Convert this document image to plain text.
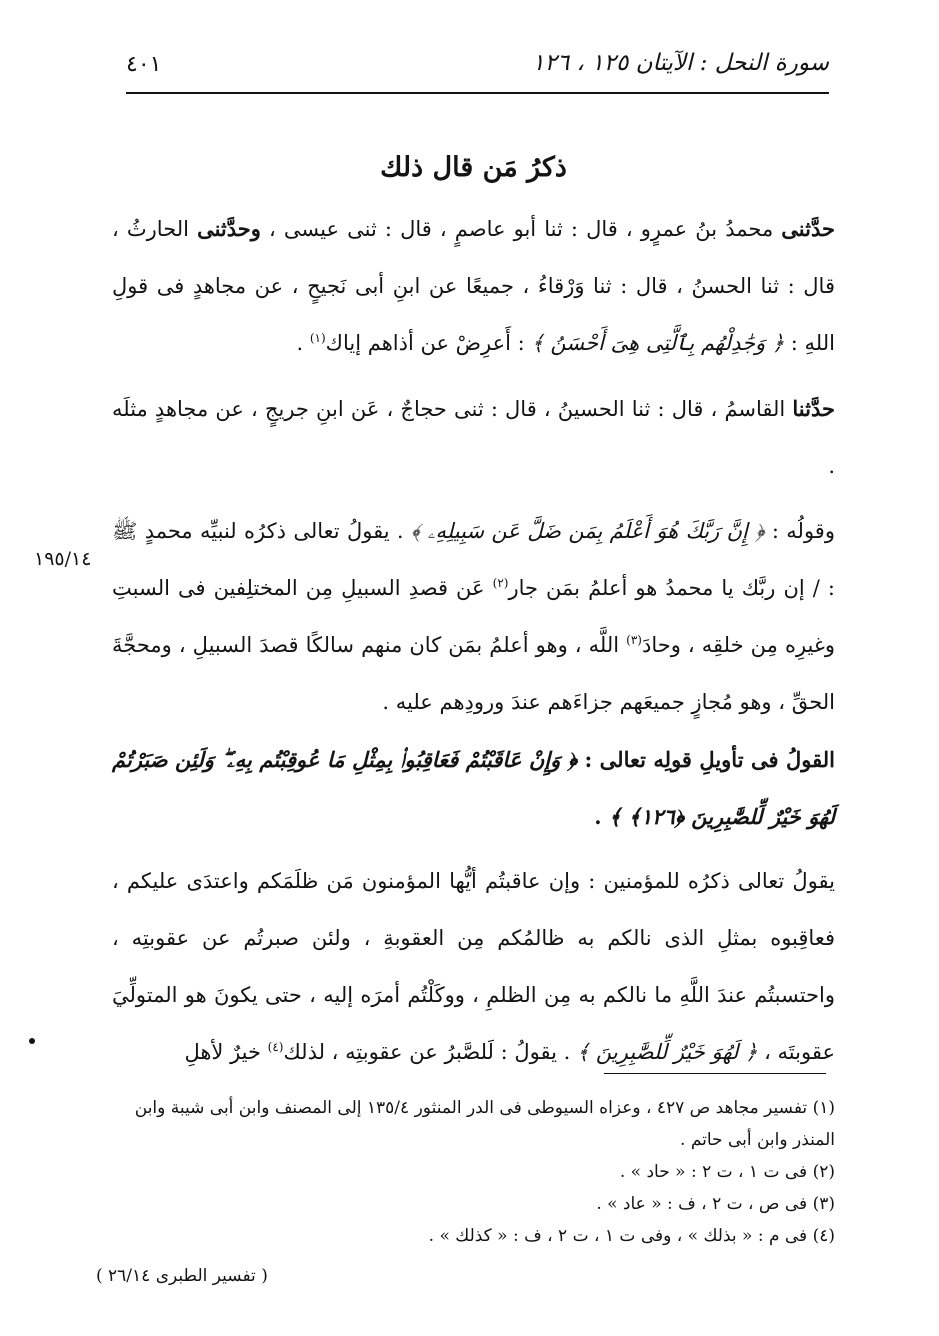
٤٠١	سورة النحل : الآيتان ١٢٥ ، ١٢٦
ذكرُ مَن قال ذلك

حدَّثنى محمدُ بنُ عمرٍو ، قال : ثنا أبو عاصمٍ ، قال : ثنى عيسى ، وحدَّثنى الحارثُ ، قال : ثنا الحسنُ ، قال : ثنا وَرْقاءُ ، جميعًا عن ابنِ أبى نَجيحٍ ، عن مجاهدٍ فى قولِ اللهِ : ﴿ وَجَٰدِلْهُم بِٱلَّتِى هِىَ أَحْسَنُ ﴾ : أَعرِضْ عن أذاهم إياك$^{(١)}$ .

حدَّثنا القاسمُ ، قال : ثنا الحسينُ ، قال : ثنى حجاجٌ ، عَن ابنِ جريجٍ ، عن مجاهدٍ مثلَه .

وقولُه : ﴿ إِنَّ رَبَّكَ هُوَ أَعْلَمُ بِمَن ضَلَّ عَن سَبِيلِهِۦ ﴾ . يقولُ تعالى ذكرُه لنبيِّه محمدٍ ﷺ : / إن ربَّك يا محمدُ هو أعلمُ بمَن جار$^{(٢)}$ عَن قصدِ السبيلِ مِن المختلِفين فى السبتِ وغيرِه مِن خلقِه ، وحادَ$^{(٣)}$ اللَّه ، وهو أعلمُ بمَن كان منهم سالكًا قصدَ السبيلِ ، ومحجَّةَ الحقِّ ، وهو مُجازٍ جميعَهم جزاءَهم عندَ ورودِهم عليه .

القولُ فى تأويلِ قولِه تعالى : ﴿ وَإِنْ عَاقَبْتُمْ فَعَاقِبُوا۟ بِمِثْلِ مَا عُوقِبْتُم بِهِۦ ۖ وَلَئِن صَبَرْتُمْ لَهُوَ خَيْرٌ لِّلصَّٰبِرِينَ ﴿١٢٦﴾ ﴾ .

يقولُ تعالى ذكرُه للمؤمنين : وإن عاقبتُم أيُّها المؤمنون مَن ظلَمَكم واعتدَى عليكم ، فعاقِبوه بمثلِ الذى نالكم به ظالمُكم مِن العقوبةِ ، ولئن صبرتُم عن عقوبتِه ، واحتسبتُم عندَ اللَّهِ ما نالكم به مِن الظلمِ ، ووكَلْتُم أمرَه إليه ، حتى يكونَ هو المتولِّيَ عقوبتَه ، ﴿ لَهُوَ خَيْرٌ لِّلصَّٰبِرِينَ ﴾ . يقولُ : لَلصَّبرُ عن عقوبتِه ، لذلك$^{(٤)}$ خيرٌ لأهلِ

١٩٥/١٤
(١) تفسير مجاهد ص ٤٢٧ ، وعزاه السيوطى فى الدر المنثور ١٣٥/٤ إلى المصنف وابن أبى شيبة وابن المنذر وابن أبى حاتم .
(٢) فى ت ١ ، ت ٢ : « حاد » .
(٣) فى ص ، ت ٢ ، ف : « عاد » .
(٤) فى م : « بذلك » ، وفى ت ١ ، ت ٢ ، ف : « كذلك » .
( تفسير الطبرى ٢٦/١٤ )
